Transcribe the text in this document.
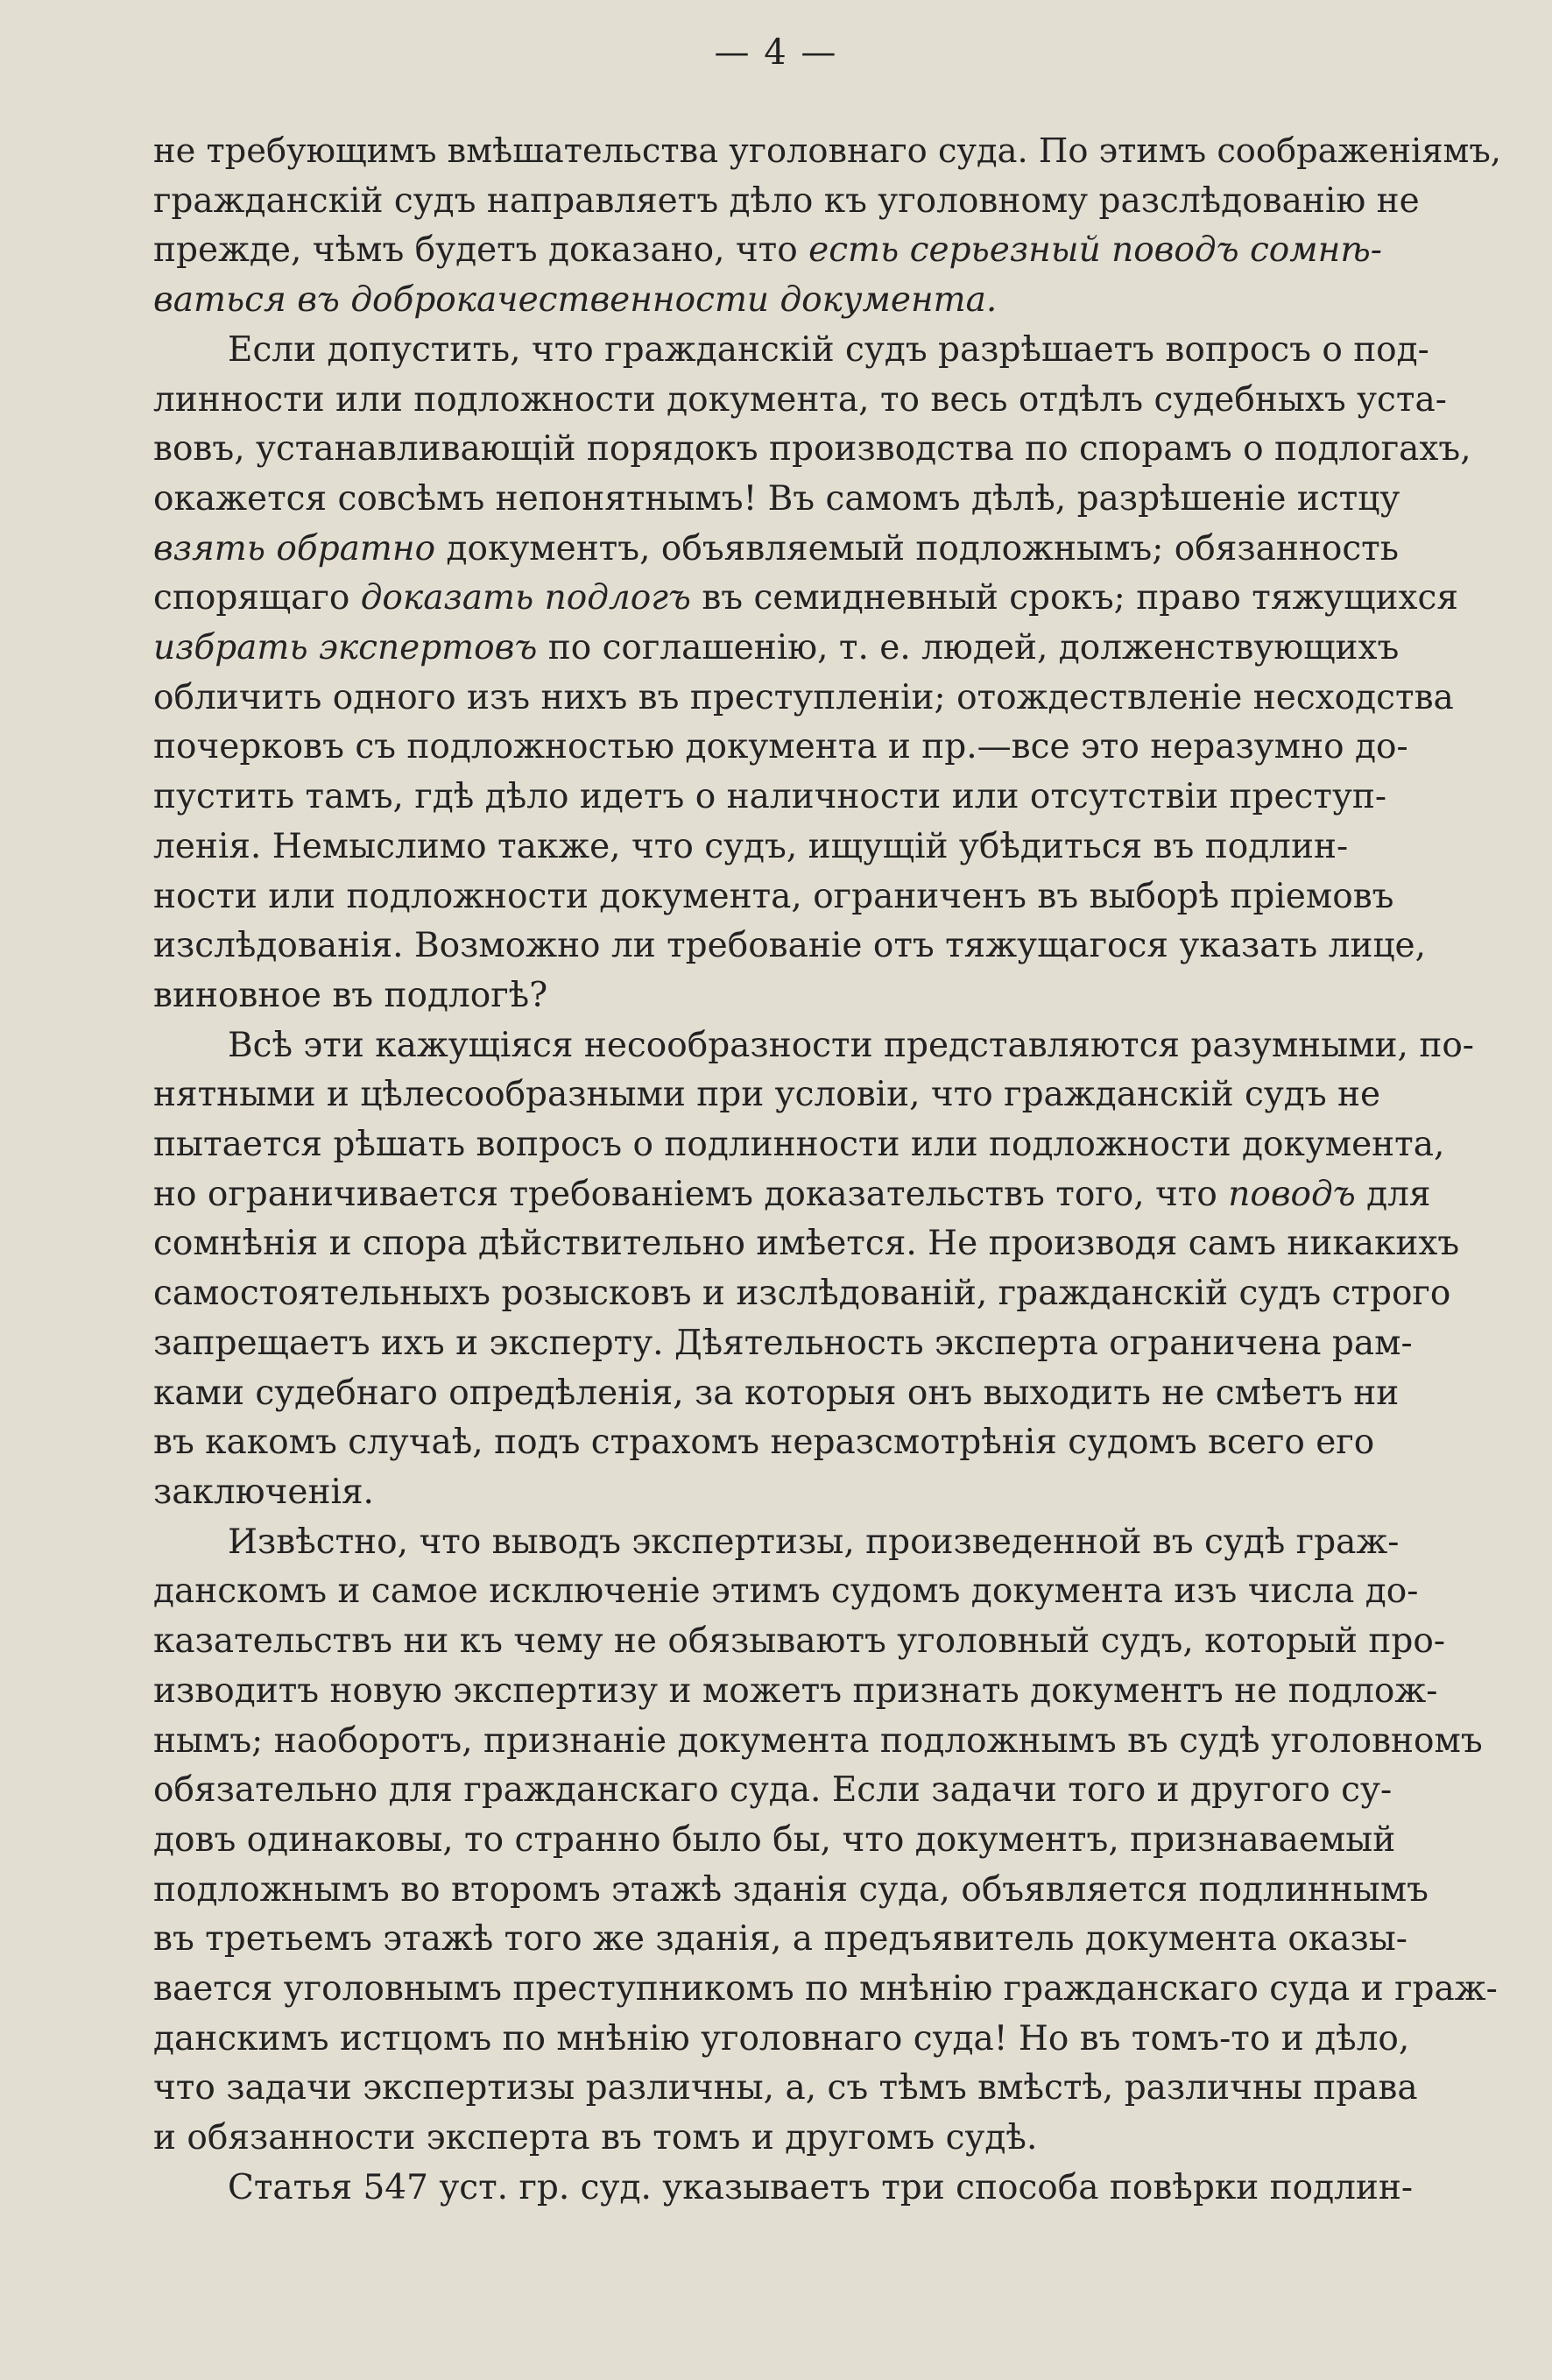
— 4 —
не требующимъ вмѣшательства уголовнаго суда. По этимъ соображеніямъ,
гражданскій судъ направляетъ дѣло къ уголовному разслѣдованію не
прежде, чѣмъ будетъ доказано, что есть серьезный поводъ сомнѣ-
ваться въ доброкачественности документа.
Если допустить, что гражданскій судъ разрѣшаетъ вопросъ о под-
линности или подложности документа, то весь отдѣлъ судебныхъ уста-
вовъ, устанавливающій порядокъ производства по спорамъ о подлогахъ,
окажется совсѣмъ непонятнымъ! Въ самомъ дѣлѣ, разрѣшеніе истцу
взять обратно документъ, объявляемый подложнымъ; обязанность
спорящаго доказать подлогъ въ семидневный срокъ; право тяжущихся
избрать экспертовъ по соглашенію, т. е. людей, долженствующихъ
обличить одного изъ нихъ въ преступленіи; отождествленіе несходства
почерковъ съ подложностью документа и пр.—все это неразумно до-
пустить тамъ, гдѣ дѣло идетъ о наличности или отсутствіи преступ-
ленія. Немыслимо также, что судъ, ищущій убѣдиться въ подлин-
ности или подложности документа, ограниченъ въ выборѣ пріемовъ
изслѣдованія. Возможно ли требованіе отъ тяжущагося указать лице,
виновное въ подлогѣ?
Всѣ эти кажущіяся несообразности представляются разумными, по-
нятными и цѣлесообразными при условіи, что гражданскій судъ не
пытается рѣшать вопросъ о подлинности или подложности документа,
но ограничивается требованіемъ доказательствъ того, что поводъ для
сомнѣнія и спора дѣйствительно имѣется. Не производя самъ никакихъ
самостоятельныхъ розысковъ и изслѣдованій, гражданскій судъ строго
запрещаетъ ихъ и эксперту. Дѣятельность эксперта ограничена рам-
ками судебнаго опредѣленія, за которыя онъ выходить не смѣетъ ни
въ какомъ случаѣ, подъ страхомъ неразсмотрѣнія судомъ всего его
заключенія.
Извѣстно, что выводъ экспертизы, произведенной въ судѣ граж-
данскомъ и самое исключеніе этимъ судомъ документа изъ числа до-
казательствъ ни къ чему не обязываютъ уголовный судъ, который про-
изводитъ новую экспертизу и можетъ признать документъ не подлож-
нымъ; наоборотъ, признаніе документа подложнымъ въ судѣ уголовномъ
обязательно для гражданскаго суда. Если задачи того и другого су-
довъ одинаковы, то странно было бы, что документъ, признаваемый
подложнымъ во второмъ этажѣ зданія суда, объявляется подлиннымъ
въ третьемъ этажѣ того же зданія, а предъявитель документа оказы-
вается уголовнымъ преступникомъ по мнѣнію гражданскаго суда и граж-
данскимъ истцомъ по мнѣнію уголовнаго суда! Но въ томъ-то и дѣло,
что задачи экспертизы различны, а, съ тѣмъ вмѣстѣ, различны права
и обязанности эксперта въ томъ и другомъ судѣ.
Статья 547 уст. гр. суд. указываетъ три способа повѣрки подлин-
